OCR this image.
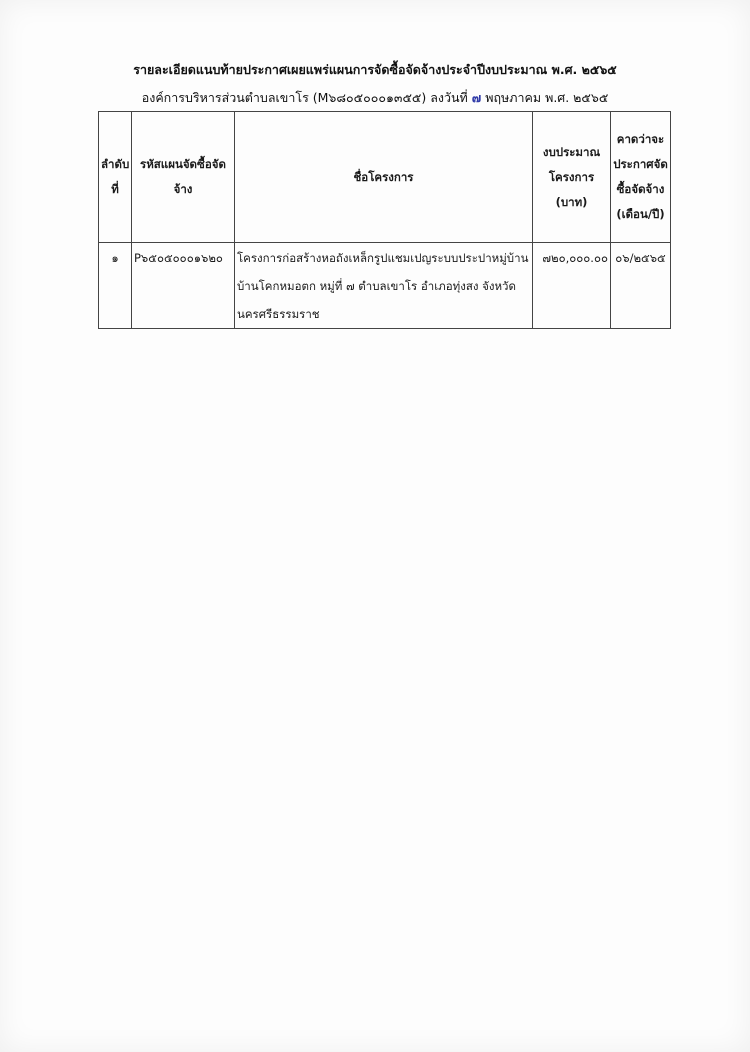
รายละเอียดแนบท้ายประกาศเผยแพร่แผนการจัดซื้อจัดจ้างประจำปีงบประมาณ พ.ศ. ๒๕๖๕
องค์การบริหารส่วนตำบลเขาโร (M๖๘๐๕๐๐๐๑๓๕๕) ลงวันที่ ๗ พฤษภาคม พ.ศ. ๒๕๖๕
ลำดับที่	รหัสแผนจัดซื้อจัดจ้าง	ชื่อโครงการ	งบประมาณโครงการ (บาท)	คาดว่าจะประกาศจัดซื้อจัดจ้าง (เดือน/ปี)
๑	P๖๕๐๕๐๐๐๑๖๒๐	โครงการก่อสร้างหอถังเหล็กรูปแชมเปญระบบประปาหมู่บ้านบ้านโคกหมอตก หมู่ที่ ๗ ตำบลเขาโร อำเภอทุ่งสง จังหวัดนครศรีธรรมราช	๗๒๐,๐๐๐.๐๐	๐๖/๒๕๖๕
